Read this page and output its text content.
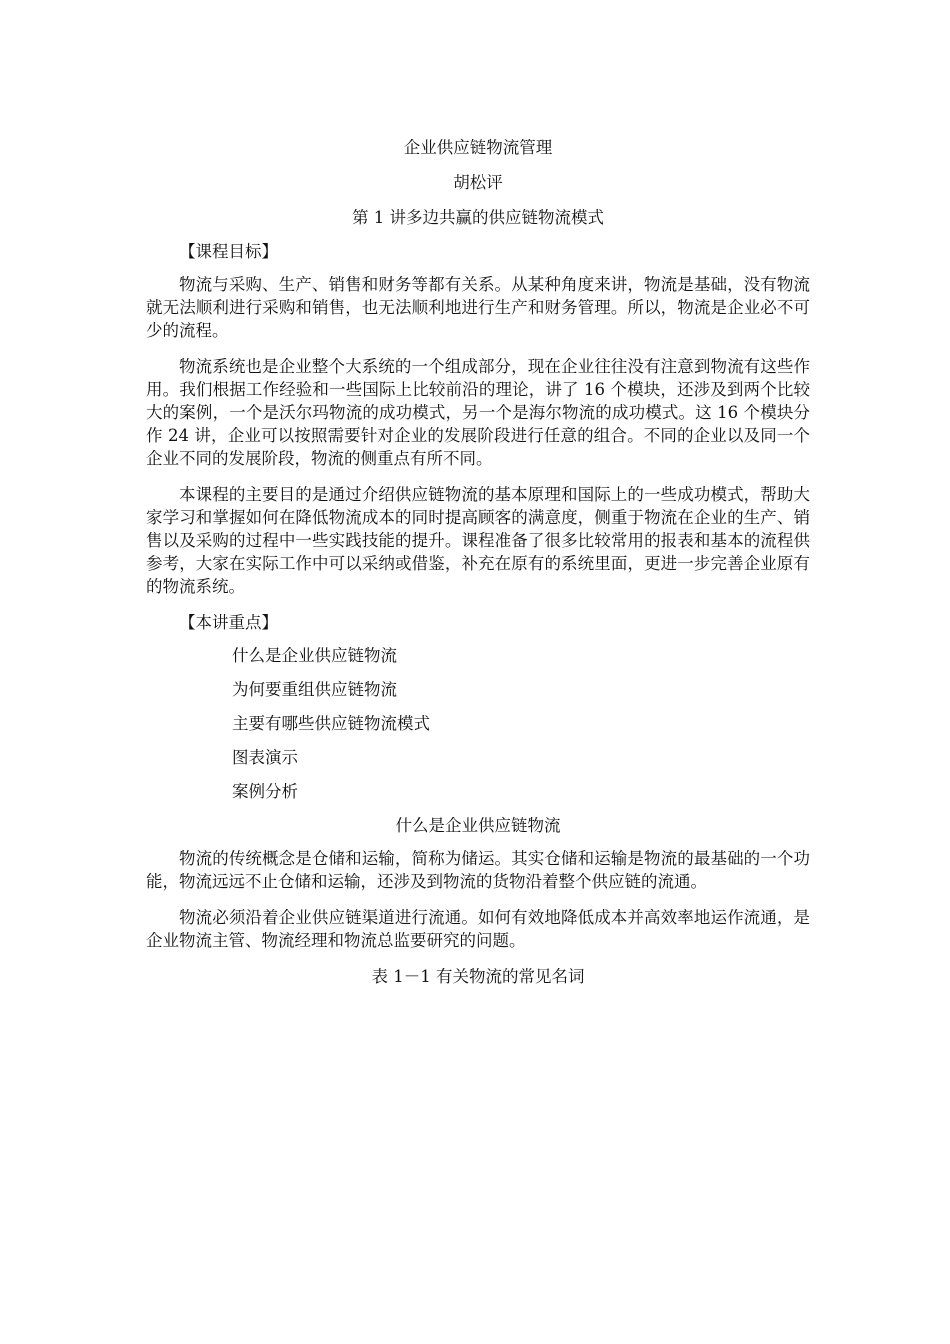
企业供应链物流管理

胡松评

第 1 讲多边共赢的供应链物流模式

【课程目标】

物流与采购、生产、销售和财务等都有关系。从某种角度来讲，物流是基础，没有物流就无法顺利进行采购和销售，也无法顺利地进行生产和财务管理。所以，物流是企业必不可少的流程。

物流系统也是企业整个大系统的一个组成部分，现在企业往往没有注意到物流有这些作用。我们根据工作经验和一些国际上比较前沿的理论，讲了 16 个模块，还涉及到两个比较大的案例，一个是沃尔玛物流的成功模式，另一个是海尔物流的成功模式。这 16 个模块分作 24 讲，企业可以按照需要针对企业的发展阶段进行任意的组合。不同的企业以及同一个企业不同的发展阶段，物流的侧重点有所不同。

本课程的主要目的是通过介绍供应链物流的基本原理和国际上的一些成功模式，帮助大家学习和掌握如何在降低物流成本的同时提高顾客的满意度，侧重于物流在企业的生产、销售以及采购的过程中一些实践技能的提升。课程准备了很多比较常用的报表和基本的流程供参考，大家在实际工作中可以采纳或借鉴，补充在原有的系统里面，更进一步完善企业原有的物流系统。

【本讲重点】

什么是企业供应链物流
为何要重组供应链物流
主要有哪些供应链物流模式
图表演示
案例分析

什么是企业供应链物流

物流的传统概念是仓储和运输，简称为储运。其实仓储和运输是物流的最基础的一个功能，物流远远不止仓储和运输，还涉及到物流的货物沿着整个供应链的流通。

物流必须沿着企业供应链渠道进行流通。如何有效地降低成本并高效率地运作流通，是企业物流主管、物流经理和物流总监要研究的问题。

表 1－1 有关物流的常见名词
